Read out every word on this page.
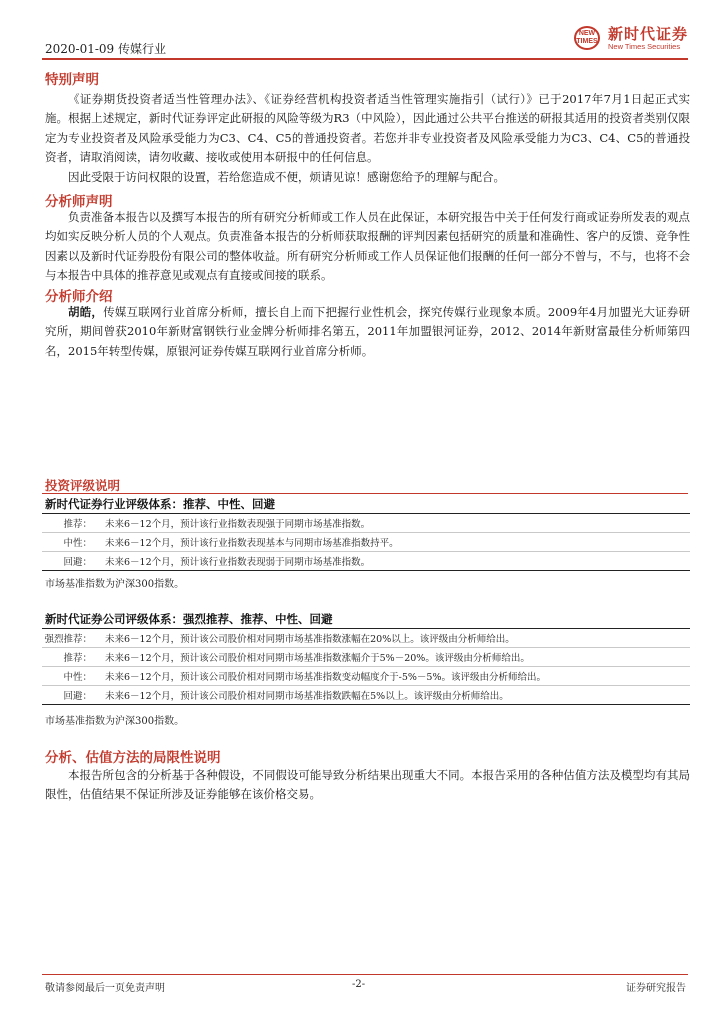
2020-01-09 传媒行业
NEW TIMES 新时代证券
New Times Securities
特别声明

《证券期货投资者适当性管理办法》、《证券经营机构投资者适当性管理实施指引（试行）》已于2017年7月1日起正式实施。根据上述规定，新时代证券评定此研报的风险等级为R3（中风险），因此通过公共平台推送的研报其适用的投资者类别仅限定为专业投资者及风险承受能力为C3、C4、C5的普通投资者。若您并非专业投资者及风险承受能力为C3、C4、C5的普通投资者，请取消阅读，请勿收藏、接收或使用本研报中的任何信息。

因此受限于访问权限的设置，若给您造成不便，烦请见谅！感谢您给予的理解与配合。

分析师声明

负责准备本报告以及撰写本报告的所有研究分析师或工作人员在此保证，本研究报告中关于任何发行商或证券所发表的观点均如实反映分析人员的个人观点。负责准备本报告的分析师获取报酬的评判因素包括研究的质量和准确性、客户的反馈、竞争性因素以及新时代证券股份有限公司的整体收益。所有研究分析师或工作人员保证他们报酬的任何一部分不曾与，不与，也将不会与本报告中具体的推荐意见或观点有直接或间接的联系。

分析师介绍

胡皓，传媒互联网行业首席分析师，擅长自上而下把握行业性机会，探究传媒行业现象本质。2009年4月加盟光大证券研究所，期间曾获2010年新财富钢铁行业金牌分析师排名第五，2011年加盟银河证券，2012、2014年新财富最佳分析师第四名，2015年转型传媒，原银河证券传媒互联网行业首席分析师。

投资评级说明
新时代证券行业评级体系：推荐、中性、回避
推荐：	未来6－12个月，预计该行业指数表现强于同期市场基准指数。
中性：	未来6－12个月，预计该行业指数表现基本与同期市场基准指数持平。
回避：	未来6－12个月，预计该行业指数表现弱于同期市场基准指数。
市场基准指数为沪深300指数。
新时代证券公司评级体系：强烈推荐、推荐、中性、回避
强烈推荐：	未来6－12个月，预计该公司股价相对同期市场基准指数涨幅在20%以上。该评级由分析师给出。
推荐：	未来6－12个月，预计该公司股价相对同期市场基准指数涨幅介于5%－20%。该评级由分析师给出。
中性：	未来6－12个月，预计该公司股价相对同期市场基准指数变动幅度介于-5%－5%。该评级由分析师给出。
回避：	未来6－12个月，预计该公司股价相对同期市场基准指数跌幅在5%以上。该评级由分析师给出。
市场基准指数为沪深300指数。
分析、估值方法的局限性说明

本报告所包含的分析基于各种假设，不同假设可能导致分析结果出现重大不同。本报告采用的各种估值方法及模型均有其局限性，估值结果不保证所涉及证券能够在该价格交易。

敬请参阅最后一页免责声明	-2-	证券研究报告
